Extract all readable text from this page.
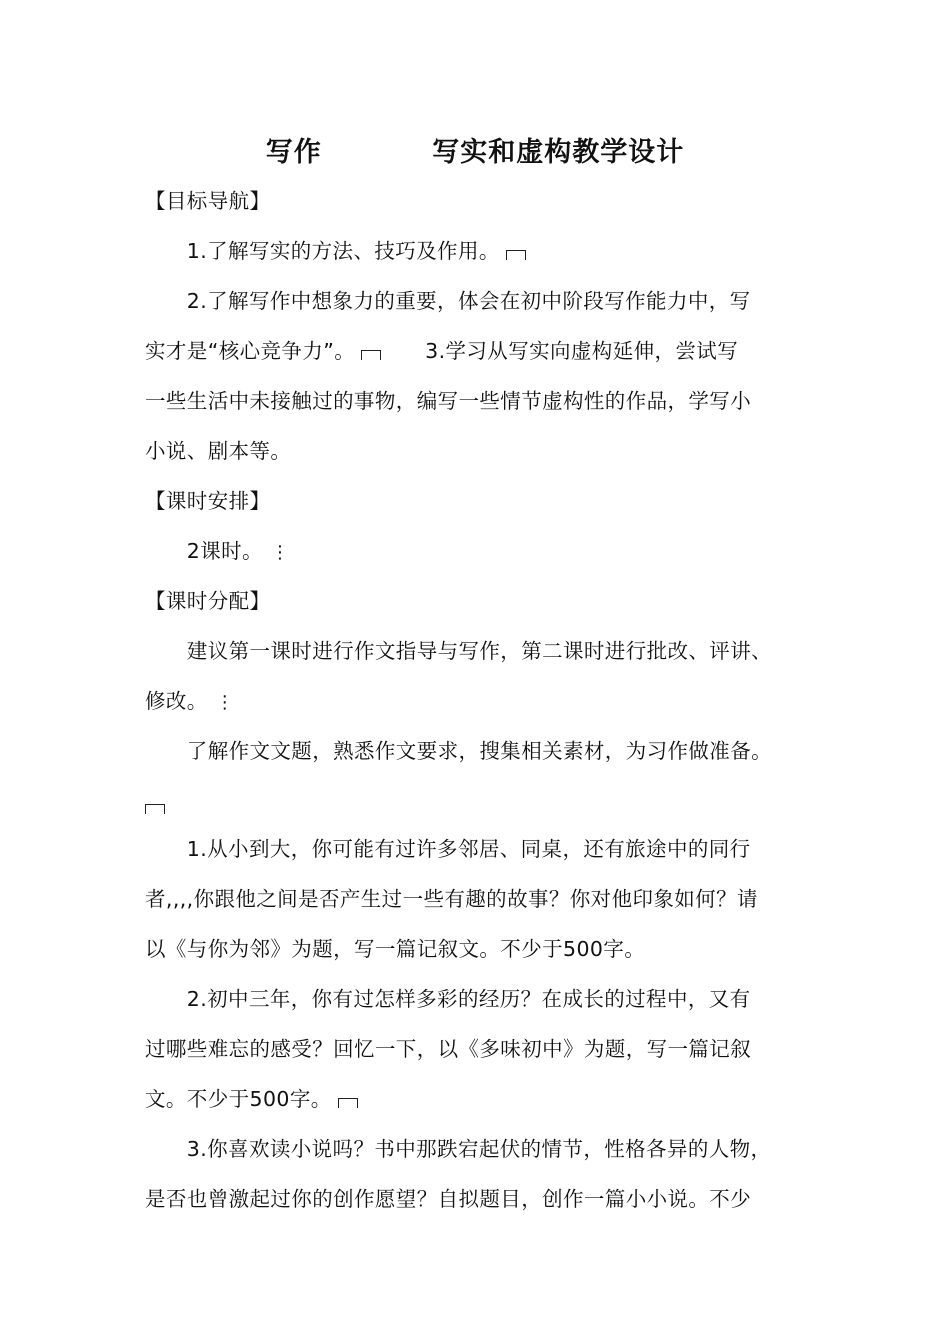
写作		写实和虚构教学设计
【目标导航】
　　1.了解写实的方法、技巧及作用。
　　2.了解写作中想象力的重要，体会在初中阶段写作能力中，写
实才是“核心竞争力”。	3.学习从写实向虚构延伸，尝试写
一些生活中未接触过的事物，编写一些情节虚构性的作品，学写小
小说、剧本等。
【课时安排】
　　2课时。 ⋮
【课时分配】
　　建议第一课时进行作文指导与写作，第二课时进行批改、评讲、
修改。 ⋮
　　了解作文文题，熟悉作文要求，搜集相关素材，为习作做准备。
　　1.从小到大，你可能有过许多邻居、同桌，还有旅途中的同行
者,,,,你跟他之间是否产生过一些有趣的故事？你对他印象如何？请
以《与你为邻》为题，写一篇记叙文。不少于500字。
　　2.初中三年，你有过怎样多彩的经历？在成长的过程中，又有
过哪些难忘的感受？回忆一下，以《多味初中》为题，写一篇记叙
文。不少于500字。
　　3.你喜欢读小说吗？书中那跌宕起伏的情节，性格各异的人物，
是否也曾激起过你的创作愿望？自拟题目，创作一篇小小说。不少
